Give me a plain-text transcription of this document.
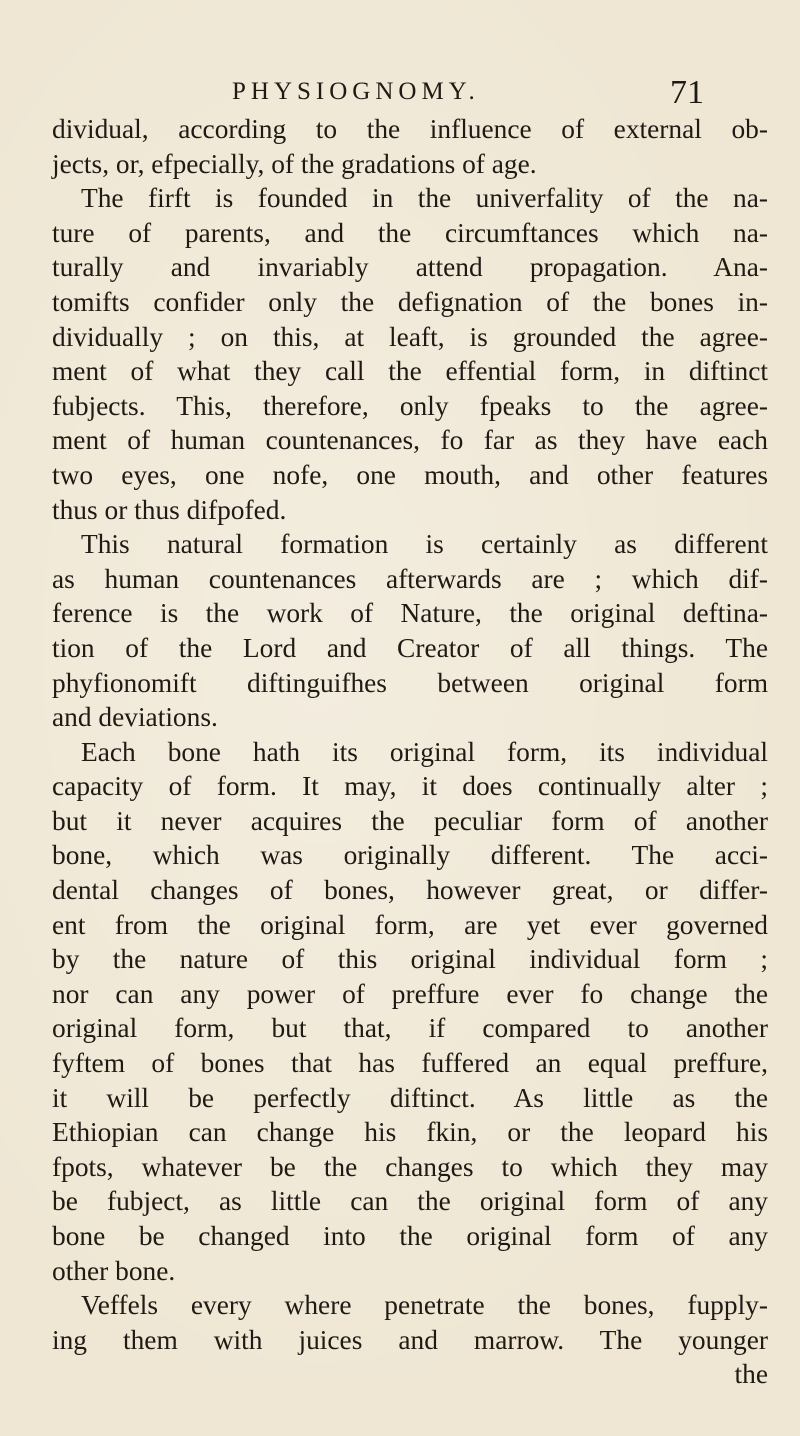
PHYSIOGNOMY.	71
dividual, according to the influence of external ob-
jects, or, efpecially, of the gradations of age.
The firft is founded in the univerfality of the na-
ture of parents, and the circumftances which na-
turally and invariably attend propagation. Ana-
tomifts confider only the defignation of the bones in-
dividually ; on this, at leaft, is grounded the agree-
ment of what they call the effential form, in diftinct
fubjects. This, therefore, only fpeaks to the agree-
ment of human countenances, fo far as they have each
two eyes, one nofe, one mouth, and other features
thus or thus difpofed.
This natural formation is certainly as different
as human countenances afterwards are ; which dif-
ference is the work of Nature, the original deftina-
tion of the Lord and Creator of all things. The
phyfionomift diftinguifhes between original form
and deviations.
Each bone hath its original form, its individual
capacity of form. It may, it does continually alter ;
but it never acquires the peculiar form of another
bone, which was originally different. The acci-
dental changes of bones, however great, or differ-
ent from the original form, are yet ever governed
by the nature of this original individual form ;
nor can any power of preffure ever fo change the
original form, but that, if compared to another
fyftem of bones that has fuffered an equal preffure,
it will be perfectly diftinct. As little as the
Ethiopian can change his fkin, or the leopard his
fpots, whatever be the changes to which they may
be fubject, as little can the original form of any
bone be changed into the original form of any
other bone.
Veffels every where penetrate the bones, fupply-
ing them with juices and marrow. The younger
the
